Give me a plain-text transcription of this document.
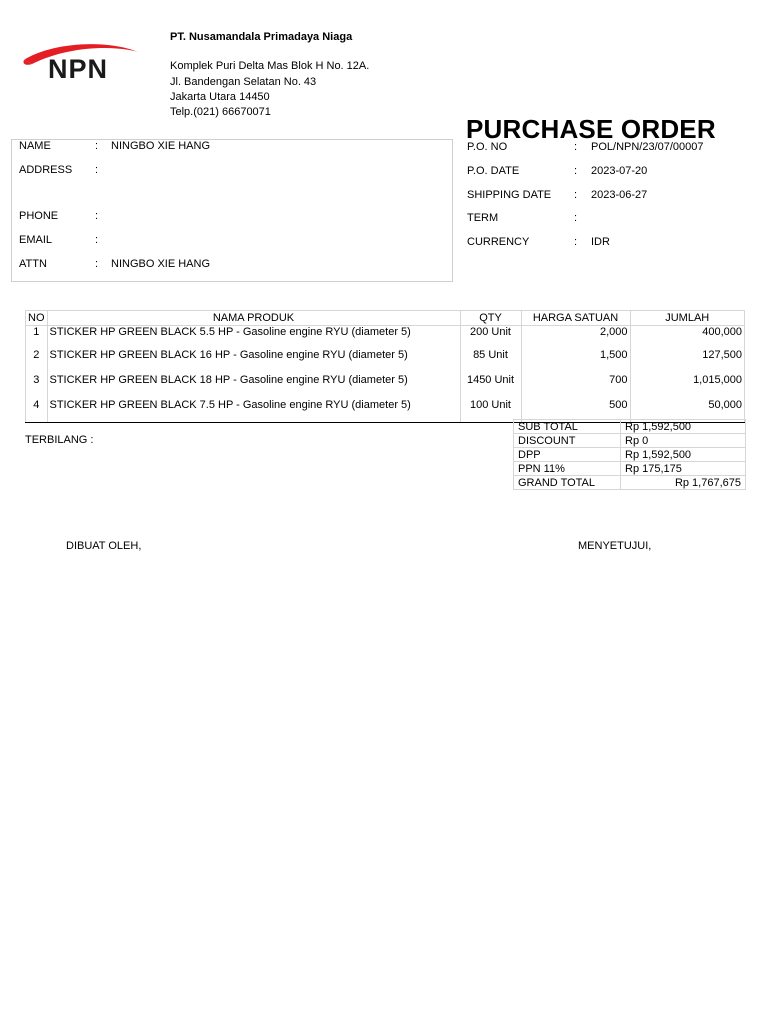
NPN
PT. Nusamandala Primadaya Niaga
Komplek Puri Delta Mas Blok H No. 12A.
Jl. Bandengan Selatan No. 43
Jakarta Utara 14450
Telp.(021) 66670071
PURCHASE ORDER
NAME	: NINGBO XIE HANG
ADDRESS :
PHONE	:
EMAIL	:
ATTN	: NINGBO XIE HANG
P.O. NO	: POL/NPN/23/07/00007
P.O. DATE	: 2023-07-20
SHIPPING DATE : 2023-06-27
TERM	:
CURRENCY	: IDR
NO	NAMA PRODUK	QTY	HARGA SATUAN	JUMLAH
1	STICKER HP GREEN BLACK 5.5 HP - Gasoline engine RYU (diameter 5)	200 Unit	2,000	400,000
2	STICKER HP GREEN BLACK 16 HP - Gasoline engine RYU (diameter 5)	85 Unit	1,500	127,500
3	STICKER HP GREEN BLACK 18 HP - Gasoline engine RYU (diameter 5)	1450 Unit	700	1,015,000
4	STICKER HP GREEN BLACK 7.5 HP - Gasoline engine RYU (diameter 5)	100 Unit	500	50,000
TERBILANG :
SUB TOTAL	Rp 1,592,500
DISCOUNT	Rp 0
DPP	Rp 1,592,500
PPN 11%	Rp 175,175
GRAND TOTAL	Rp 1,767,675
DIBUAT OLEH,	MENYETUJUI,
